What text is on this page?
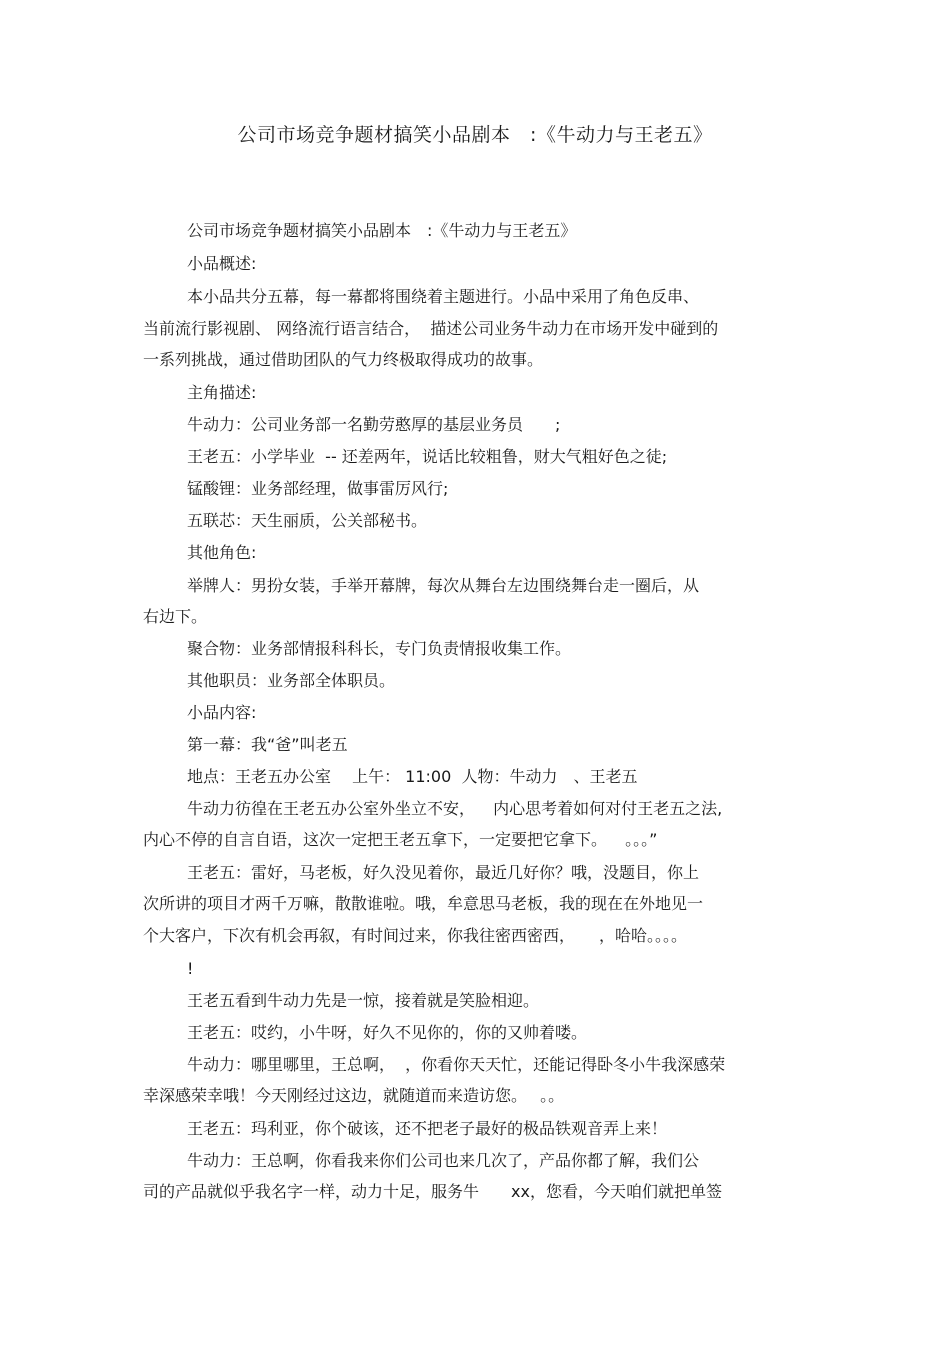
公司市场竞争题材搞笑小品剧本　:《牛动力与王老五》
公司市场竞争题材搞笑小品剧本　:《牛动力与王老五》
小品概述:
本小品共分五幕，每一幕都将围绕着主题进行。小品中采用了角色反串、
当前流行影视剧、 网络流行语言结合，  描述公司业务牛动力在市场开发中碰到的
一系列挑战，通过借助团队的气力终极取得成功的故事。
主角描述:
牛动力：公司业务部一名勤劳憨厚的基层业务员　　;
王老五：小学毕业  -- 还差两年，说话比较粗鲁，财大气粗好色之徒;
锰酸锂：业务部经理，做事雷厉风行;
五联芯：天生丽质，公关部秘书。
其他角色:
举牌人：男扮女装，手举开幕牌，每次从舞台左边围绕舞台走一圈后，从
右边下。
聚合物：业务部情报科科长，专门负责情报收集工作。
其他职员：业务部全体职员。
小品内容:
第一幕：我“爸”叫老五
地点：王老五办公室　 上午： 11:00  人物：牛动力　、王老五
牛动力彷徨在王老五办公室外坐立不安，　  内心思考着如何对付王老五之法,
内心不停的自言自语，这次一定把王老五拿下，一定要把它拿下。　  。。。”
王老五：雷好，马老板，好久没见着你，最近几好你？哦，没题目，你上
次所讲的项目才两千万嘛，散散谁啦。哦，牟意思马老板，我的现在在外地见一
个大客户，下次有机会再叙，有时间过来，你我往密西密西，　　，哈哈。。。。
!
王老五看到牛动力先是一惊，接着就是笑脸相迎。
王老五：哎约，小牛呀，好久不见你的，你的又帅着喽。
牛动力：哪里哪里，王总啊，  ，你看你天天忙，还能记得卧冬小牛我深感荣
幸深感荣幸哦！今天刚经过这边，就随道而来造访您。　 。。
王老五：玛利亚，你个破该，还不把老子最好的极品铁观音弄上来！
牛动力：王总啊，你看我来你们公司也来几次了，产品你都了解，我们公
司的产品就似乎我名字一样，动力十足，服务牛　　xx，您看，今天咱们就把单签
